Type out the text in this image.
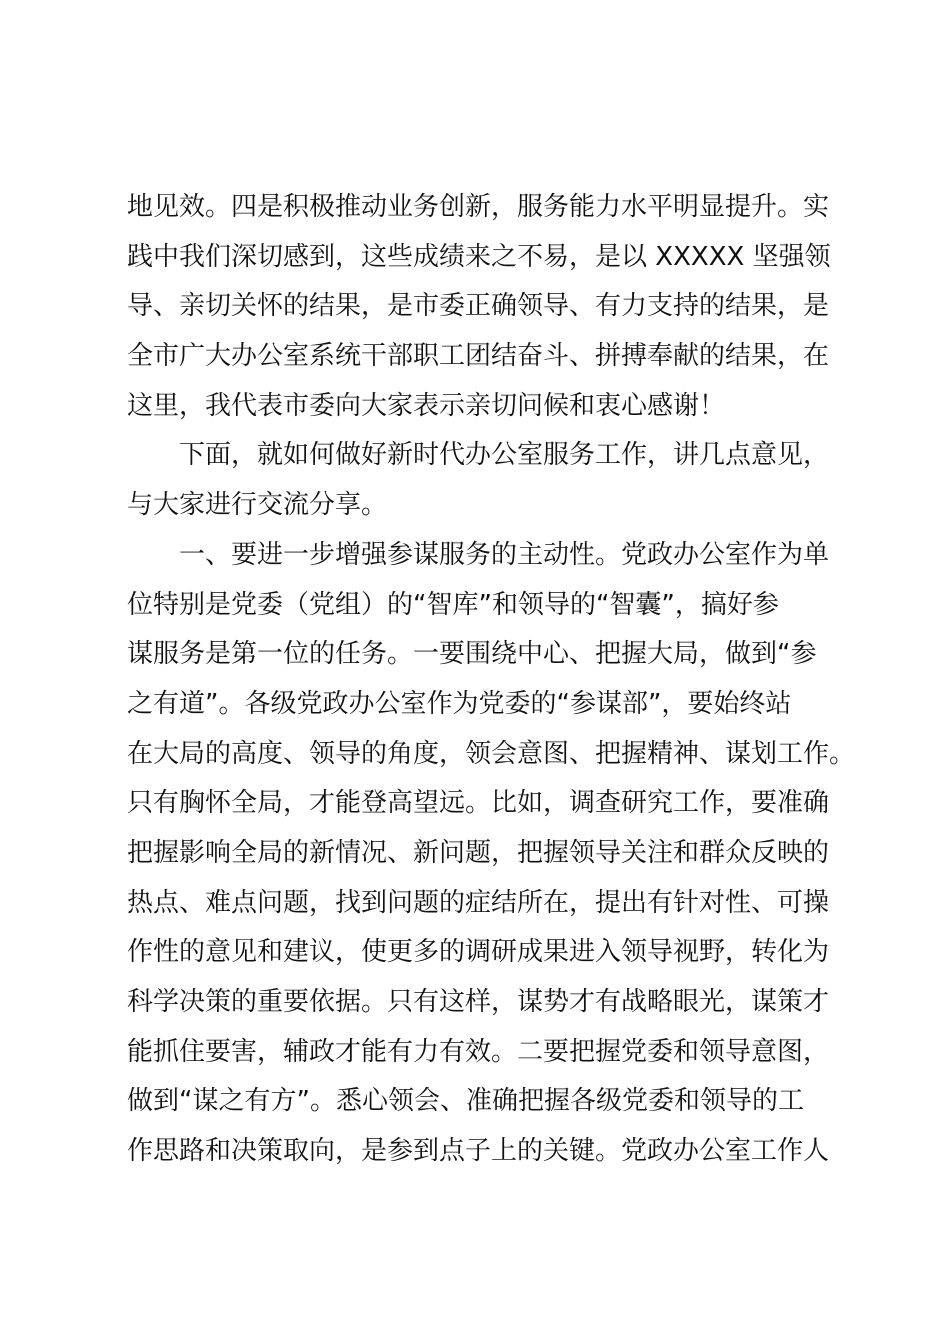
地见效。四是积极推动业务创新，服务能力水平明显提升。实
践中我们深切感到，这些成绩来之不易，是以 XXXXX 坚强领
导、亲切关怀的结果，是市委正确领导、有力支持的结果，是
全市广大办公室系统干部职工团结奋斗、拼搏奉献的结果，在
这里，我代表市委向大家表示亲切问候和衷心感谢！
　　下面，就如何做好新时代办公室服务工作，讲几点意见，
与大家进行交流分享。
　　一、要进一步增强参谋服务的主动性。党政办公室作为单
位特别是党委（党组）的“智库”和领导的“智囊”，搞好参
谋服务是第一位的任务。一要围绕中心、把握大局，做到“参
之有道”。各级党政办公室作为党委的“参谋部”，要始终站
在大局的高度、领导的角度，领会意图、把握精神、谋划工作。
只有胸怀全局，才能登高望远。比如，调查研究工作，要准确
把握影响全局的新情况、新问题，把握领导关注和群众反映的
热点、难点问题，找到问题的症结所在，提出有针对性、可操
作性的意见和建议，使更多的调研成果进入领导视野，转化为
科学决策的重要依据。只有这样，谋势才有战略眼光，谋策才
能抓住要害，辅政才能有力有效。二要把握党委和领导意图，
做到“谋之有方”。悉心领会、准确把握各级党委和领导的工
作思路和决策取向，是参到点子上的关键。党政办公室工作人
